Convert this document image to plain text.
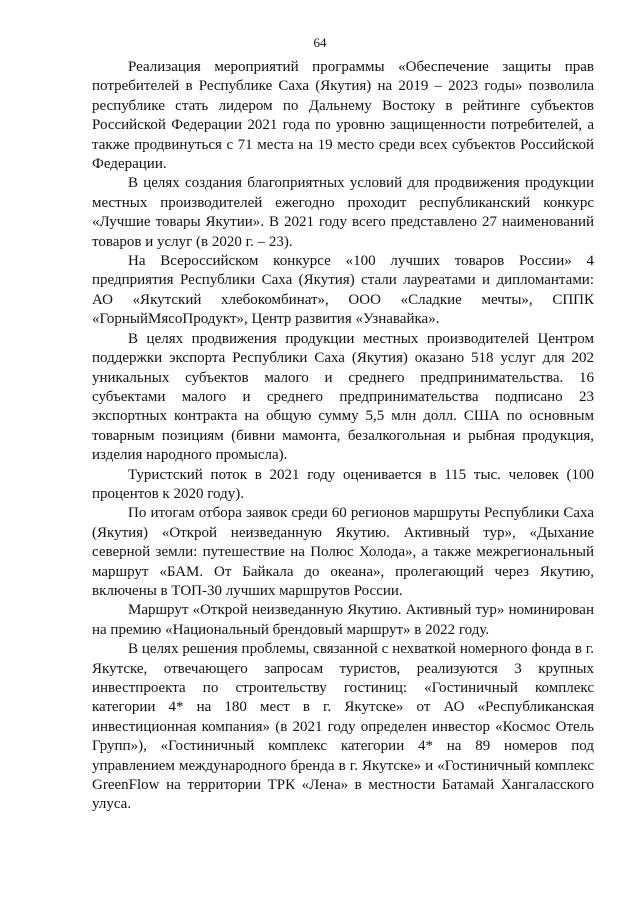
64

Реализация мероприятий программы «Обеспечение защиты прав потребителей в Республике Саха (Якутия) на 2019 – 2023 годы» позволила республике стать лидером по Дальнему Востоку в рейтинге субъектов Российской Федерации 2021 года по уровню защищенности потребителей, а также продвинуться с 71 места на 19 место среди всех субъектов Российской Федерации.

В целях создания благоприятных условий для продвижения продукции местных производителей ежегодно проходит республиканский конкурс «Лучшие товары Якутии». В 2021 году всего представлено 27 наименований товаров и услуг (в 2020 г. – 23).

На Всероссийском конкурсе «100 лучших товаров России» 4 предприятия Республики Саха (Якутия) стали лауреатами и дипломантами: АО «Якутский хлебокомбинат», ООО «Сладкие мечты», СППК «ГорныйМясоПродукт», Центр развития «Узнавайка».

В целях продвижения продукции местных производителей Центром поддержки экспорта Республики Саха (Якутия) оказано 518 услуг для 202 уникальных субъектов малого и среднего предпринимательства. 16 субъектами малого и среднего предпринимательства подписано 23 экспортных контракта на общую сумму 5,5 млн долл. США по основным товарным позициям (бивни мамонта, безалкогольная и рыбная продукция, изделия народного промысла).

Туристский поток в 2021 году оценивается в 115 тыс. человек (100 процентов к 2020 году).

По итогам отбора заявок среди 60 регионов маршруты Республики Саха (Якутия) «Открой неизведанную Якутию. Активный тур», «Дыхание северной земли: путешествие на Полюс Холода», а также межрегиональный маршрут «БАМ. От Байкала до океана», пролегающий через Якутию, включены в ТОП-30 лучших маршрутов России.

Маршрут «Открой неизведанную Якутию. Активный тур» номинирован на премию «Национальный брендовый маршрут» в 2022 году.

В целях решения проблемы, связанной с нехваткой номерного фонда в г. Якутске, отвечающего запросам туристов, реализуются 3 крупных инвестпроекта по строительству гостиниц: «Гостиничный комплекс категории 4* на 180 мест в г. Якутске» от АО «Республиканская инвестиционная компания» (в 2021 году определен инвестор «Космос Отель Групп»), «Гостиничный комплекс категории 4* на 89 номеров под управлением международного бренда в г. Якутске» и «Гостиничный комплекс GreenFlow на территории ТРК «Лена» в местности Батамай Хангаласского улуса.
